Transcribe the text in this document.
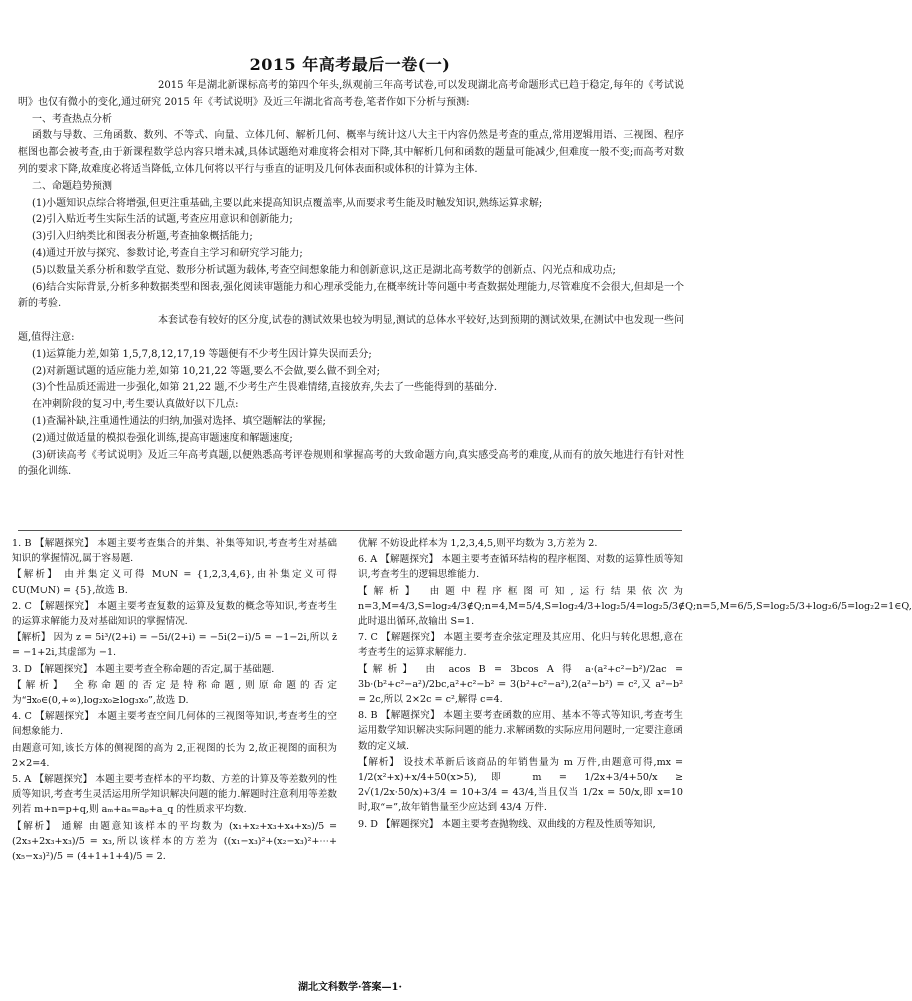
2015 年高考最后一卷(一)

2015 年是湖北新课标高考的第四个年头,纵观前三年高考试卷,可以发现湖北高考命题形式已趋于稳定,每年的《考试说明》也仅有微小的变化,通过研究 2015 年《考试说明》及近三年湖北省高考卷,笔者作如下分析与预测:

一、考查热点分析

函数与导数、三角函数、数列、不等式、向量、立体几何、解析几何、概率与统计这八大主干内容仍然是考查的重点,常用逻辑用语、三视图、程序框图也都会被考查,由于新课程数学总内容只增未减,具体试题绝对难度将会相对下降,其中解析几何和函数的题量可能减少,但难度一般不变;而高考对数列的要求下降,故难度必将适当降低,立体几何将以平行与垂直的证明及几何体表面积或体积的计算为主体.

二、命题趋势预测

(1)小题知识点综合将增强,但更注重基础,主要以此来提高知识点覆盖率,从而要求考生能及时触发知识,熟练运算求解;

(2)引入贴近考生实际生活的试题,考查应用意识和创新能力;

(3)引入归纳类比和图表分析题,考查抽象概括能力;

(4)通过开放与探究、参数讨论,考查自主学习和研究学习能力;

(5)以数量关系分析和数学直觉、数形分析试题为载体,考查空间想象能力和创新意识,这正是湖北高考数学的创新点、闪光点和成功点;

(6)结合实际背景,分析多种数据类型和图表,强化阅读审题能力和心理承受能力,在概率统计等问题中考查数据处理能力,尽管难度不会很大,但却是一个新的考验.

本套试卷有较好的区分度,试卷的测试效果也较为明显,测试的总体水平较好,达到预期的测试效果,在测试中也发现一些问题,值得注意:

(1)运算能力差,如第 1,5,7,8,12,17,19 等题便有不少考生因计算失误而丢分;

(2)对新题试题的适应能力差,如第 10,21,22 等题,要么不会做,要么做不到全对;

(3)个性品质还需进一步强化,如第 21,22 题,不少考生产生畏难情绪,直接放弃,失去了一些能得到的基础分.

在冲刺阶段的复习中,考生要认真做好以下几点:

(1)查漏补缺,注重通性通法的归纳,加强对选择、填空题解法的掌握;

(2)通过做适量的模拟卷强化训练,提高审题速度和解题速度;

(3)研读高考《考试说明》及近三年高考真题,以便熟悉高考评卷规则和掌握高考的大致命题方向,真实感受高考的难度,从而有的放矢地进行有针对性的强化训练.

1. B 【解题探究】 本题主要考查集合的并集、补集等知识,考查考生对基础知识的掌握情况,属于容易题.

【解析】 由并集定义可得 M∪N = {1,2,3,4,6},由补集定义可得 ∁U(M∪N) = {5},故选 B.

2. C 【解题探究】 本题主要考查复数的运算及复数的概念等知识,考查考生的运算求解能力及对基础知识的掌握情况.

【解析】 因为 z = 5i³/(2+i) = −5i/(2+i) = −5i(2−i)/5 = −1−2i,所以 z̄ = −1+2i,其虚部为 −1.

3. D 【解题探究】 本题主要考查全称命题的否定,属于基础题.

【解析】 全称命题的否定是特称命题,则原命题的否定为“∃x₀∈(0,+∞),log₂x₀≥log₃x₀”,故选 D.

4. C 【解题探究】 本题主要考查空间几何体的三视图等知识,考查考生的空间想象能力.

由题意可知,该长方体的侧视图的高为 2,正视图的长为 2,故正视图的面积为 2×2=4.

5. A 【解题探究】 本题主要考查样本的平均数、方差的计算及等差数列的性质等知识,考查考生灵活运用所学知识解决问题的能力.解题时注意利用等差数列若 m+n=p+q,则 aₘ+aₙ=aₚ+a_q 的性质求平均数.

【解析】 通解 由题意知该样本的平均数为 (x₁+x₂+x₃+x₄+x₅)/5 = (2x₃+2x₃+x₃)/5 = x₃,所以该样本的方差为 ((x₁−x₃)²+(x₂−x₃)²+⋯+(x₅−x₃)²)/5 = (4+1+1+4)/5 = 2.

优解 不妨设此样本为 1,2,3,4,5,则平均数为 3,方差为 2.

6. A 【解题探究】 本题主要考查循环结构的程序框图、对数的运算性质等知识,考查考生的逻辑思维能力.

【解析】 由题中程序框图可知,运行结果依次为 n=3,M=4/3,S=log₂4/3∉Q;n=4,M=5/4,S=log₂4/3+log₂5/4=log₂5/3∉Q;n=5,M=6/5,S=log₂5/3+log₂6/5=log₂2=1∈Q,此时退出循环,故输出 S=1.

7. C 【解题探究】 本题主要考查余弦定理及其应用、化归与转化思想,意在考查考生的运算求解能力.

【解析】 由 acos B = 3bcos A 得 a·(a²+c²−b²)/2ac = 3b·(b²+c²−a²)/2bc,a²+c²−b² = 3(b²+c²−a²),2(a²−b²) = c²,又 a²−b² = 2c,所以 2×2c = c²,解得 c=4.

8. B 【解题探究】 本题主要考查函数的应用、基本不等式等知识,考查考生运用数学知识解决实际问题的能力.求解函数的实际应用问题时,一定要注意函数的定义域.

【解析】 设技术革新后该商品的年销售量为 m 万件,由题意可得,mx = 1/2(x²+x)+x/4+50(x>5),即 m = 1/2x+3/4+50/x ≥ 2√(1/2x·50/x)+3/4 = 10+3/4 = 43/4,当且仅当 1/2x = 50/x,即 x=10 时,取“=”,故年销售量至少应达到 43/4 万件.

9. D 【解题探究】 本题主要考查抛物线、双曲线的方程及性质等知识,

湖北文科数学·答案—1·
